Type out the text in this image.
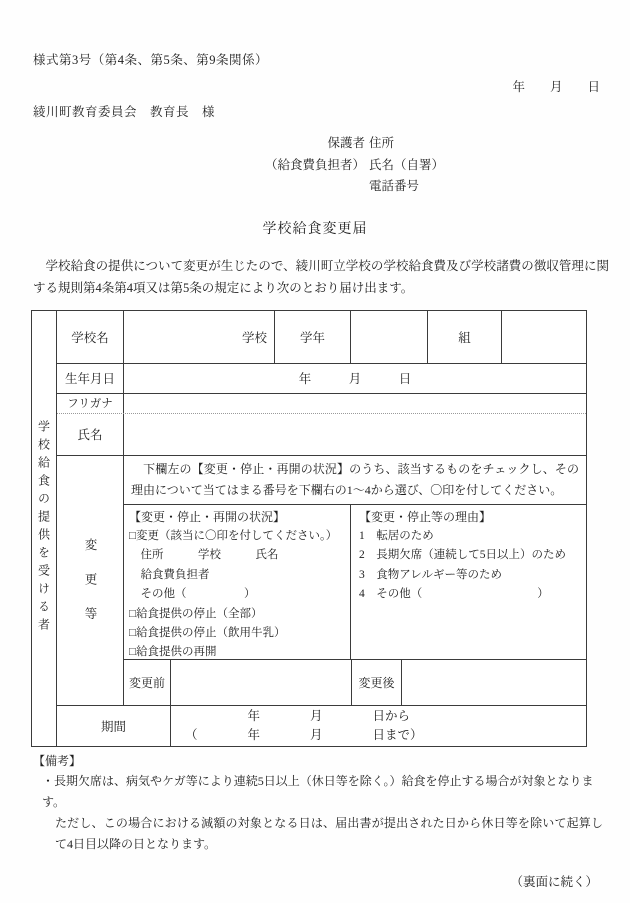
様式第3号（第4条、第5条、第9条関係）
年　　月　　日
綾川町教育委員会　教育長　様
保護者 住所
（給食費負担者） 氏名（自署）
電話番号
学校給食変更届

学校給食の提供について変更が生じたので、綾川町立学校の学校給食費及び学校諸費の徴収管理に関する規則第4条第4項又は第5条の規定により次のとおり届け出ます。

学校給食の提供を受ける者
学校名	学校	学年	組
生年月日	年　　　月　　　日
フリガナ
氏名
変更等
　下欄左の【変更・停止・再開の状況】のうち、該当するものをチェックし、その理由について当てはまる番号を下欄右の1～4から選び、〇印を付してください。
【変更・停止・再開の状況】
□変更（該当に〇印を付してください。）
　住所　　　学校　　　氏名
　給食費負担者
　その他（　　　　　）
□給食提供の停止（全部）
□給食提供の停止（飲用牛乳）
□給食提供の再開
【変更・停止等の理由】
1　転居のため
2　長期欠席（連続して5日以上）のため
3　食物アレルギー等のため
4　その他（　　　　　　　　　　）
変更前	変更後
期間
　　　　　年　　　　月　　　　日から
（　　　　年　　　　月　　　　日まで）
【備考】

・長期欠席は、病気やケガ等により連続5日以上（休日等を除く。）給食を停止する場合が対象となります。

ただし、この場合における減額の対象となる日は、届出書が提出された日から休日等を除いて起算して4日目以降の日となります。

（裏面に続く）
